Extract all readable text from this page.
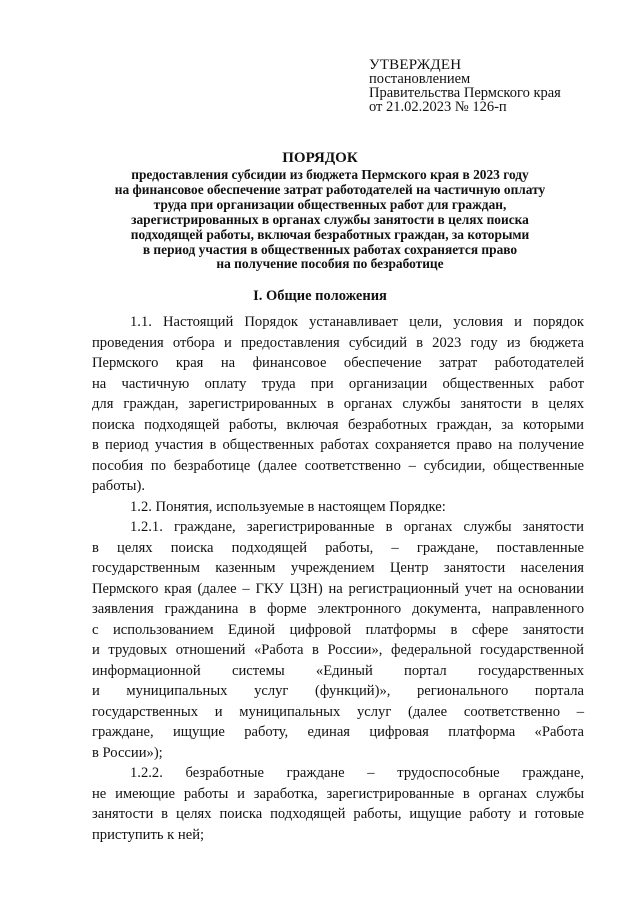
УТВЕРЖДЕН
постановлением
Правительства Пермского края
от 21.02.2023 № 126-п
ПОРЯДОК
предоставления субсидии из бюджета Пермского края в 2023 году
на финансовое обеспечение затрат работодателей на частичную оплату
труда при организации общественных работ для граждан,
зарегистрированных в органах службы занятости в целях поиска
подходящей работы, включая безработных граждан, за которыми
в период участия в общественных работах сохраняется право
на получение пособия по безработице
I. Общие положения
1.1. Настоящий Порядок устанавливает цели, условия и порядок
проведения отбора и предоставления субсидий в 2023 году из бюджета
Пермского края на финансовое обеспечение затрат работодателей
на частичную оплату труда при организации общественных работ
для граждан, зарегистрированных в органах службы занятости в целях
поиска подходящей работы, включая безработных граждан, за которыми
в период участия в общественных работах сохраняется право на получение
пособия по безработице (далее соответственно – субсидии, общественные
работы).
1.2. Понятия, используемые в настоящем Порядке:
1.2.1. граждане, зарегистрированные в органах службы занятости
в целях поиска подходящей работы, – граждане, поставленные
государственным казенным учреждением Центр занятости населения
Пермского края (далее – ГКУ ЦЗН) на регистрационный учет на основании
заявления гражданина в форме электронного документа, направленного
с использованием Единой цифровой платформы в сфере занятости
и трудовых отношений «Работа в России», федеральной государственной
информационной системы «Единый портал государственных
и муниципальных услуг (функций)», регионального портала
государственных и муниципальных услуг (далее соответственно –
граждане, ищущие работу, единая цифровая платформа «Работа
в России»);
1.2.2. безработные граждане – трудоспособные граждане,
не имеющие работы и заработка, зарегистрированные в органах службы
занятости в целях поиска подходящей работы, ищущие работу и готовые
приступить к ней;
